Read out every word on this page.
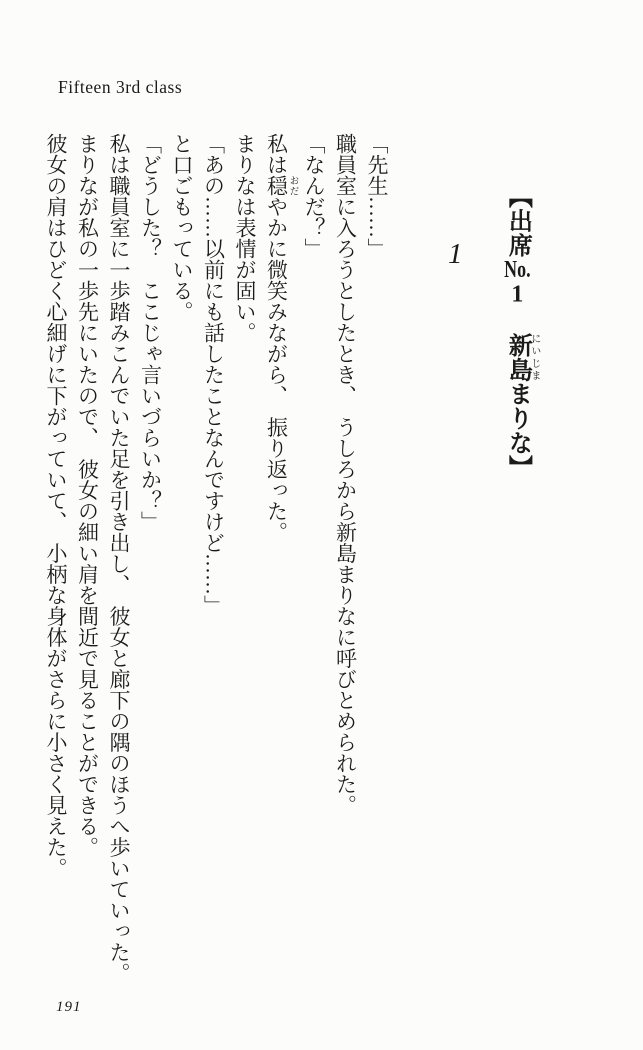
Fifteen 3rd class
1
【出席No.1　新島にいじままりな】

「先生……」

職員室に入ろうとしたとき、　うしろから新島まりなに呼びとめられた。

「なんだ？」

私は穏 おだやかに微笑みながら、　振り返った。

まりなは表情が固い。

「あの……以前にも話したことなんですけど……」

と口ごもっている。

「どうした？　ここじゃ言いづらいか？」

私は職員室に一歩踏みこんでいた足を引き出し、　彼女と廊下の隅のほうへ歩いていった。

まりなが私の一歩先にいたので、　彼女の細い肩を間近で見ることができる。

彼女の肩はひどく心細げに下がっていて、　小柄な身体がさらに小さく見えた。

191
